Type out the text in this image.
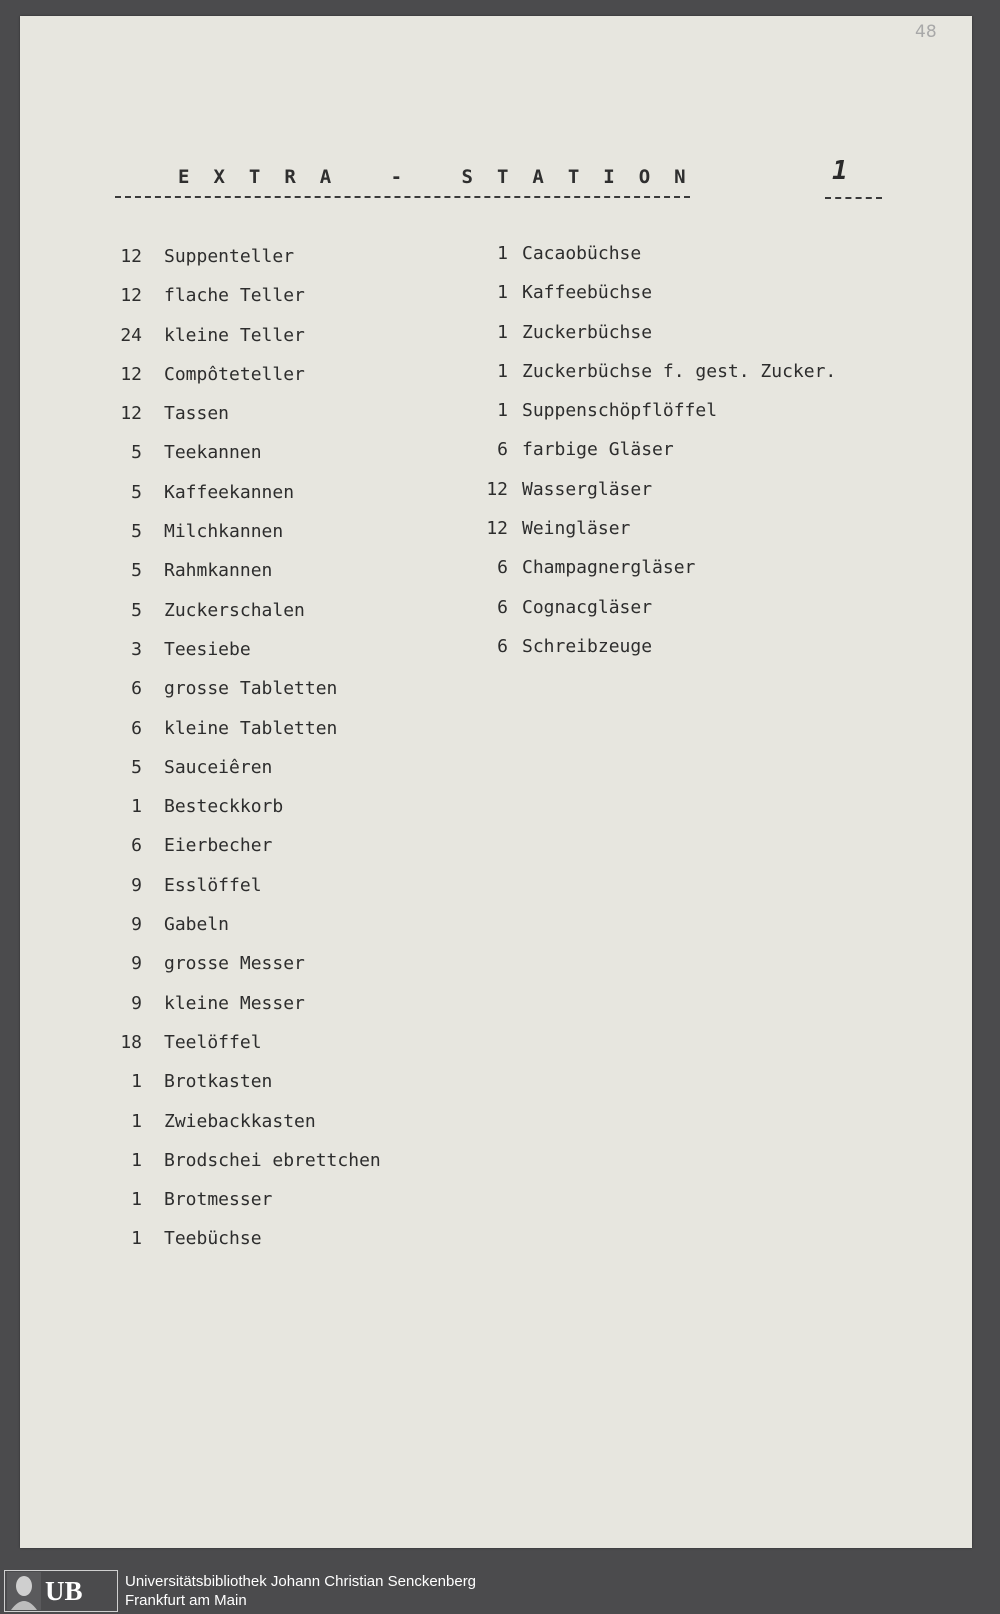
48
EXTRA - STATION	1
12 Suppenteller
12 flache Teller
24 kleine Teller
12 Compôteteller
12 Tassen
5 Teekannen
5 Kaffeekannen
5 Milchkannen
5 Rahmkannen
5 Zuckerschalen
3 Teesiebe
6 grosse Tabletten
6 kleine Tabletten
5 Sauceiêren
1 Besteckkorb
6 Eierbecher
9 Esslöffel
9 Gabeln
9 grosse Messer
9 kleine Messer
18 Teelöffel
1 Brotkasten
1 Zwiebackkasten
1 Brodschei ebrettchen
1 Brotmesser
1 Teebüchse
1 Cacaobüchse
1 Kaffeebüchse
1 Zuckerbüchse
1 Zuckerbüchse f. gest. Zucker.
1 Suppenschöpflöffel
6 farbige Gläser
12 Wassergläser
12 Weingläser
6 Champagnergläser
6 Cognacgläser
6 Schreibzeuge
UB	Universitätsbibliothek Johann Christian Senckenberg
Frankfurt am Main
